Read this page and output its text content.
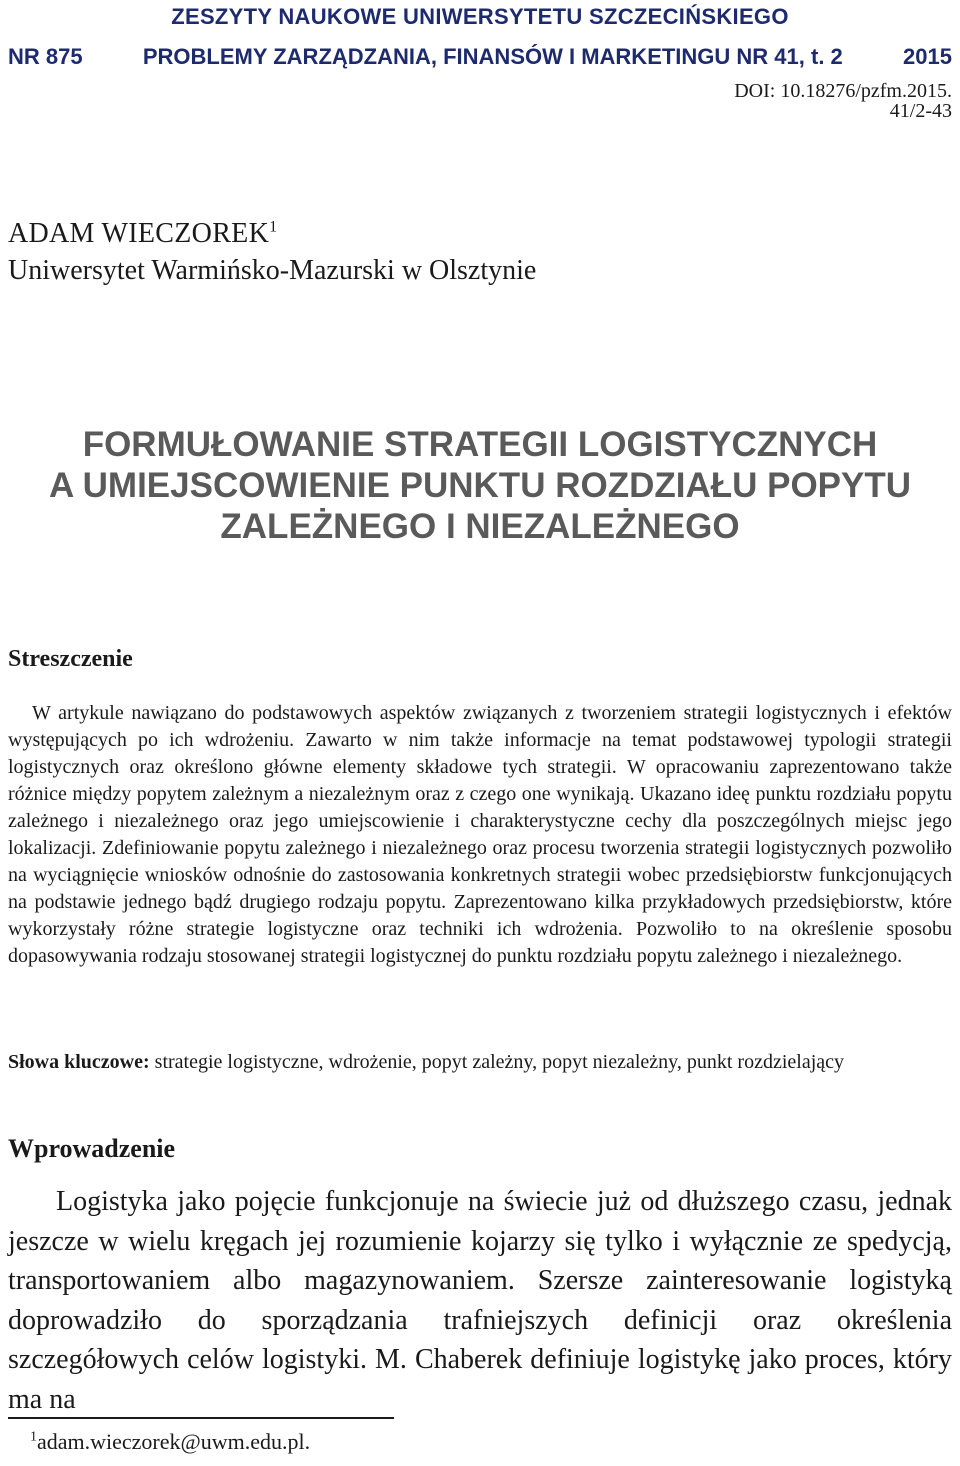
ZESZYTY NAUKOWE UNIWERSYTETU SZCZECIŃSKIEGO
NR 875	PROBLEMY ZARZĄDZANIA, FINANSÓW I MARKETINGU NR 41, t. 2	2015
DOI: 10.18276/pzfm.2015.
41/2-43
ADAM WIECZOREK$^1$
Uniwersytet Warmińsko-Mazurski w Olsztynie
FORMUŁOWANIE STRATEGII LOGISTYCZNYCH
A UMIEJSCOWIENIE PUNKTU ROZDZIAŁU POPYTU
ZALEŻNEGO I NIEZALEŻNEGO
Streszczenie
W artykule nawiązano do podstawowych aspektów związanych z tworzeniem strategii logistycznych i efektów występujących po ich wdrożeniu. Zawarto w nim także informacje na temat podstawowej typologii strategii logistycznych oraz określono główne elementy składowe tych strategii. W opracowaniu zaprezentowano także różnice między popytem zależnym a niezależnym oraz z czego one wynikają. Ukazano ideę punktu rozdziału popytu zależnego i niezależnego oraz jego umiejscowienie i charakterystyczne cechy dla poszczególnych miejsc jego lokalizacji. Zdefiniowanie popytu zależnego i niezależnego oraz procesu tworzenia strategii logistycznych pozwoliło na wyciągnięcie wniosków odnośnie do zastosowania konkretnych strategii wobec przedsiębiorstw funkcjonujących na podstawie jednego bądź drugiego rodzaju popytu. Zaprezentowano kilka przykładowych przedsiębiorstw, które wykorzystały różne strategie logistyczne oraz techniki ich wdrożenia. Pozwoliło to na określenie sposobu dopasowywania rodzaju stosowanej strategii logistycznej do punktu rozdziału popytu zależnego i niezależnego.
Słowa kluczowe: strategie logistyczne, wdrożenie, popyt zależny, popyt niezależny, punkt rozdzielający
Wprowadzenie
Logistyka jako pojęcie funkcjonuje na świecie już od dłuższego czasu, jednak jeszcze w wielu kręgach jej rozumienie kojarzy się tylko i wyłącznie ze spedycją, transportowaniem albo magazynowaniem. Szersze zainteresowanie logistyką doprowadziło do sporządzania trafniejszych definicji oraz określenia szczegółowych celów logistyki. M. Chaberek definiuje logistykę jako proces, który ma na
$^1$adam.wieczorek@uwm.edu.pl.
